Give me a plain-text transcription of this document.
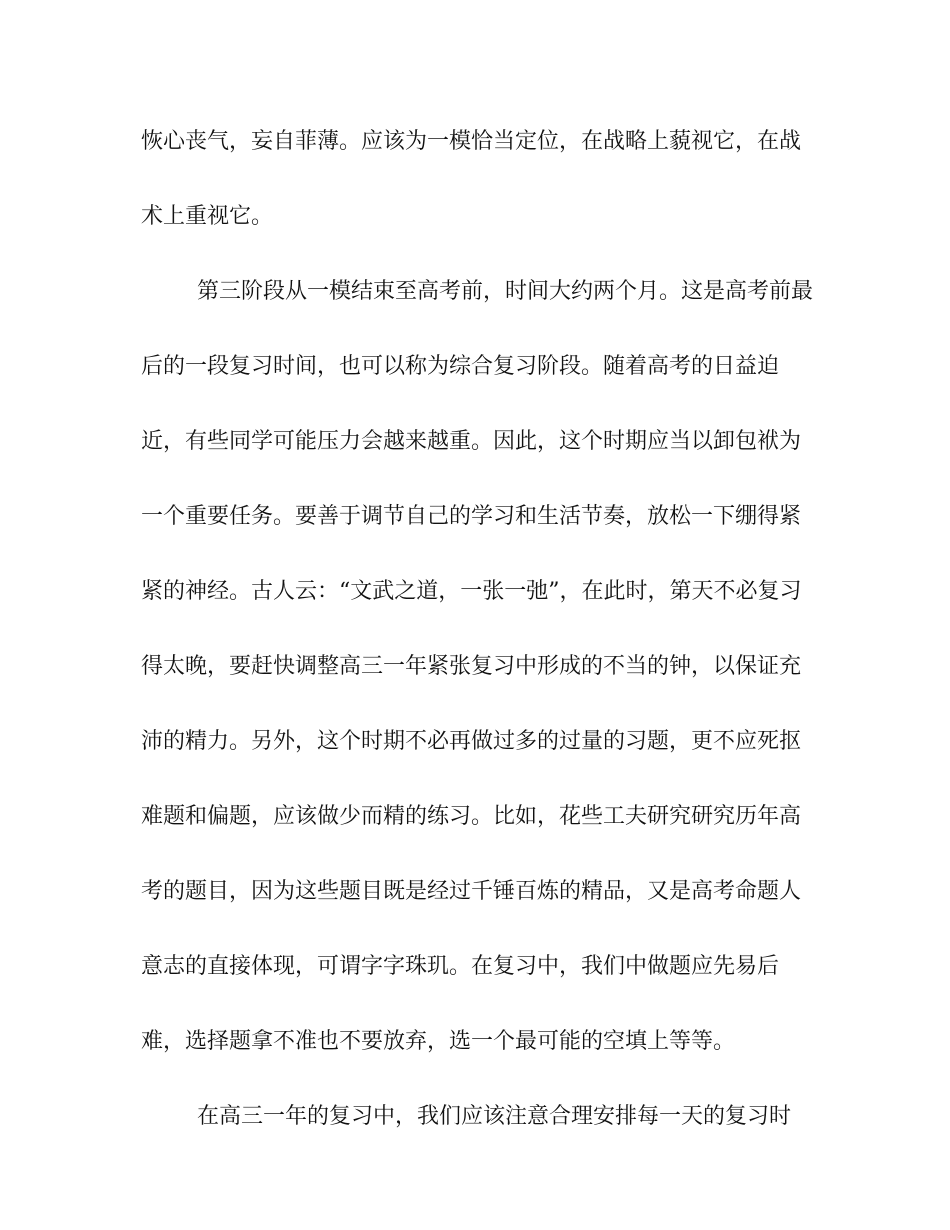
恢心丧气，妄自菲薄。应该为一模恰当定位，在战略上藐视它，在战

术上重视它。

第三阶段从一模结束至高考前，时间大约两个月。这是高考前最

后的一段复习时间，也可以称为综合复习阶段。随着高考的日益迫

近，有些同学可能压力会越来越重。因此，这个时期应当以卸包袱为

一个重要任务。要善于调节自己的学习和生活节奏，放松一下绷得紧

紧的神经。古人云：“文武之道，一张一弛”，在此时，第天不必复习

得太晚，要赶快调整高三一年紧张复习中形成的不当的钟，以保证充

沛的精力。另外，这个时期不必再做过多的过量的习题，更不应死抠

难题和偏题，应该做少而精的练习。比如，花些工夫研究研究历年高

考的题目，因为这些题目既是经过千锤百炼的精品，又是高考命题人

意志的直接体现，可谓字字珠玑。在复习中，我们中做题应先易后

难，选择题拿不准也不要放弃，选一个最可能的空填上等等。

在高三一年的复习中，我们应该注意合理安排每一天的复习时
